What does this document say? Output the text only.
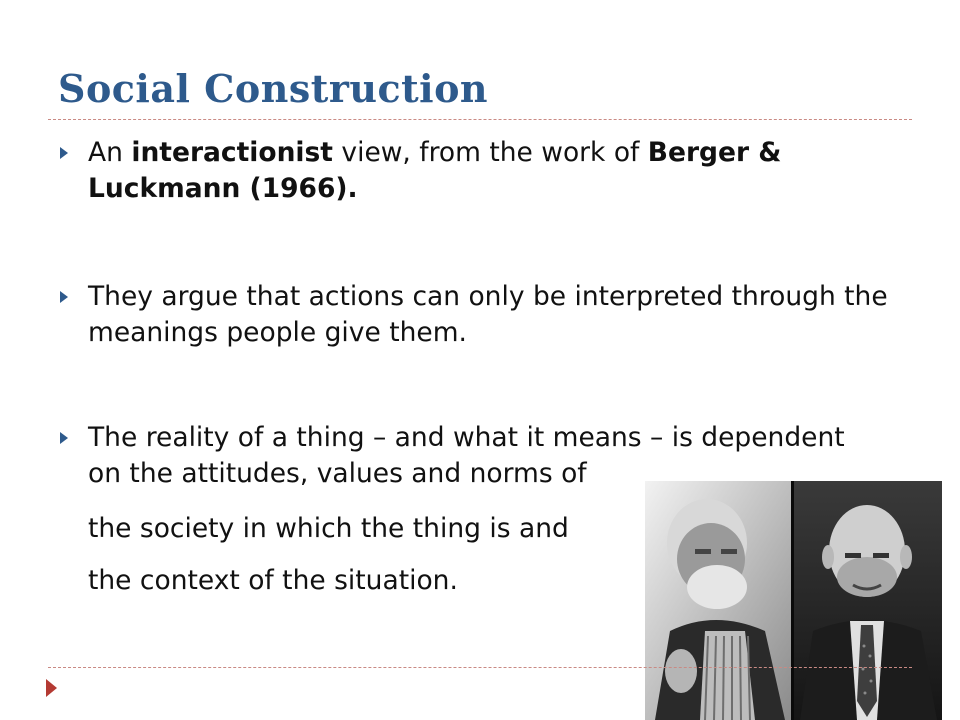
Social Construction

An interactionist view, from the work of Berger & Luckmann (1966).

They argue that actions can only be interpreted through the meanings people give them.

The reality of a thing – and what it means – is dependent

on the attitudes, values and norms of

the society in which the thing is and

the context of the situation.
